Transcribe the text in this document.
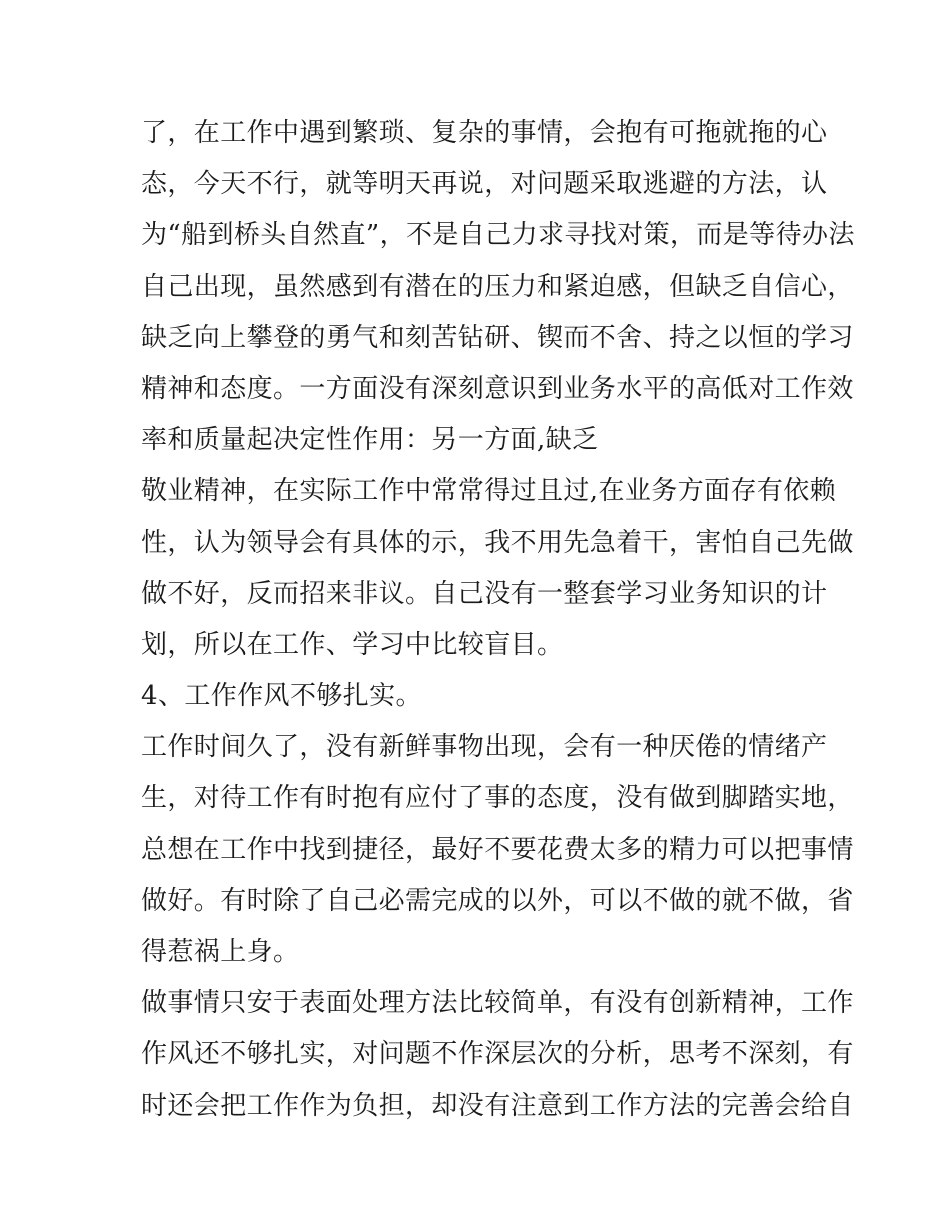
了，在工作中遇到繁琐、复杂的事情，会抱有可拖就拖的心
态，今天不行，就等明天再说，对问题采取逃避的方法，认
为“船到桥头自然直”，不是自己力求寻找对策，而是等待办法
自己出现，虽然感到有潜在的压力和紧迫感，但缺乏自信心，
缺乏向上攀登的勇气和刻苦钻研、锲而不舍、持之以恒的学习
精神和态度。一方面没有深刻意识到业务水平的高低对工作效
率和质量起决定性作用：另一方面,缺乏
敬业精神，在实际工作中常常得过且过,在业务方面存有依赖
性，认为领导会有具体的示，我不用先急着干，害怕自己先做
做不好，反而招来非议。自己没有一整套学习业务知识的计
划，所以在工作、学习中比较盲目。
4、工作作风不够扎实。
工作时间久了，没有新鲜事物出现，会有一种厌倦的情绪产
生，对待工作有时抱有应付了事的态度，没有做到脚踏实地，
总想在工作中找到捷径，最好不要花费太多的精力可以把事情
做好。有时除了自己必需完成的以外，可以不做的就不做，省
得惹祸上身。
做事情只安于表面处理方法比较简单，有没有创新精神，工作
作风还不够扎实，对问题不作深层次的分析，思考不深刻，有
时还会把工作作为负担，却没有注意到工作方法的完善会给自
